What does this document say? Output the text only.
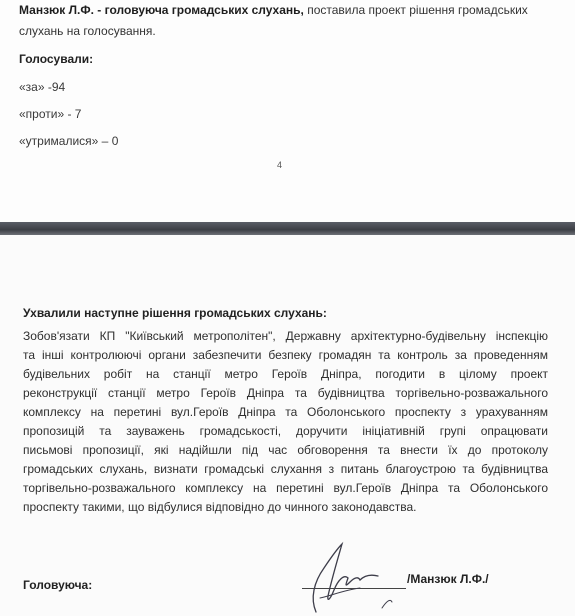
Манзюк Л.Ф. - головуюча громадських слухань, поставила проект рішення громадських
слухань на голосування.

Голосували:

«за» -94

«проти» - 7

«утрималися» – 0

4

Ухвалили наступне рішення громадських слухань:

Зобов'язати КП "Київський метрополітен", Державну архітектурно-будівельну інспекцію
та інші контролюючі органи забезпечити безпеку громадян та контроль за проведенням
будівельних робіт на станції метро Героїв Дніпра, погодити в цілому проект
реконструкції станції метро Героїв Дніпра та будівництва торгівельно-розважального
комплексу на перетині вул.Героїв Дніпра та Оболонського проспекту з урахуванням
пропозицій та зауважень громадськості, доручити ініціативній групі опрацювати
письмові пропозиції, які надійшли під час обговорення та внести їх до протоколу
громадських слухань, визнати громадські слухання з питань благоустрою та будівництва
торгівельно-розважального комплексу на перетині вул.Героїв Дніпра та Оболонського
проспекту такими, що відбулися відповідно до чинного законодавства.

Головуюча:	/Манзюк Л.Ф./
